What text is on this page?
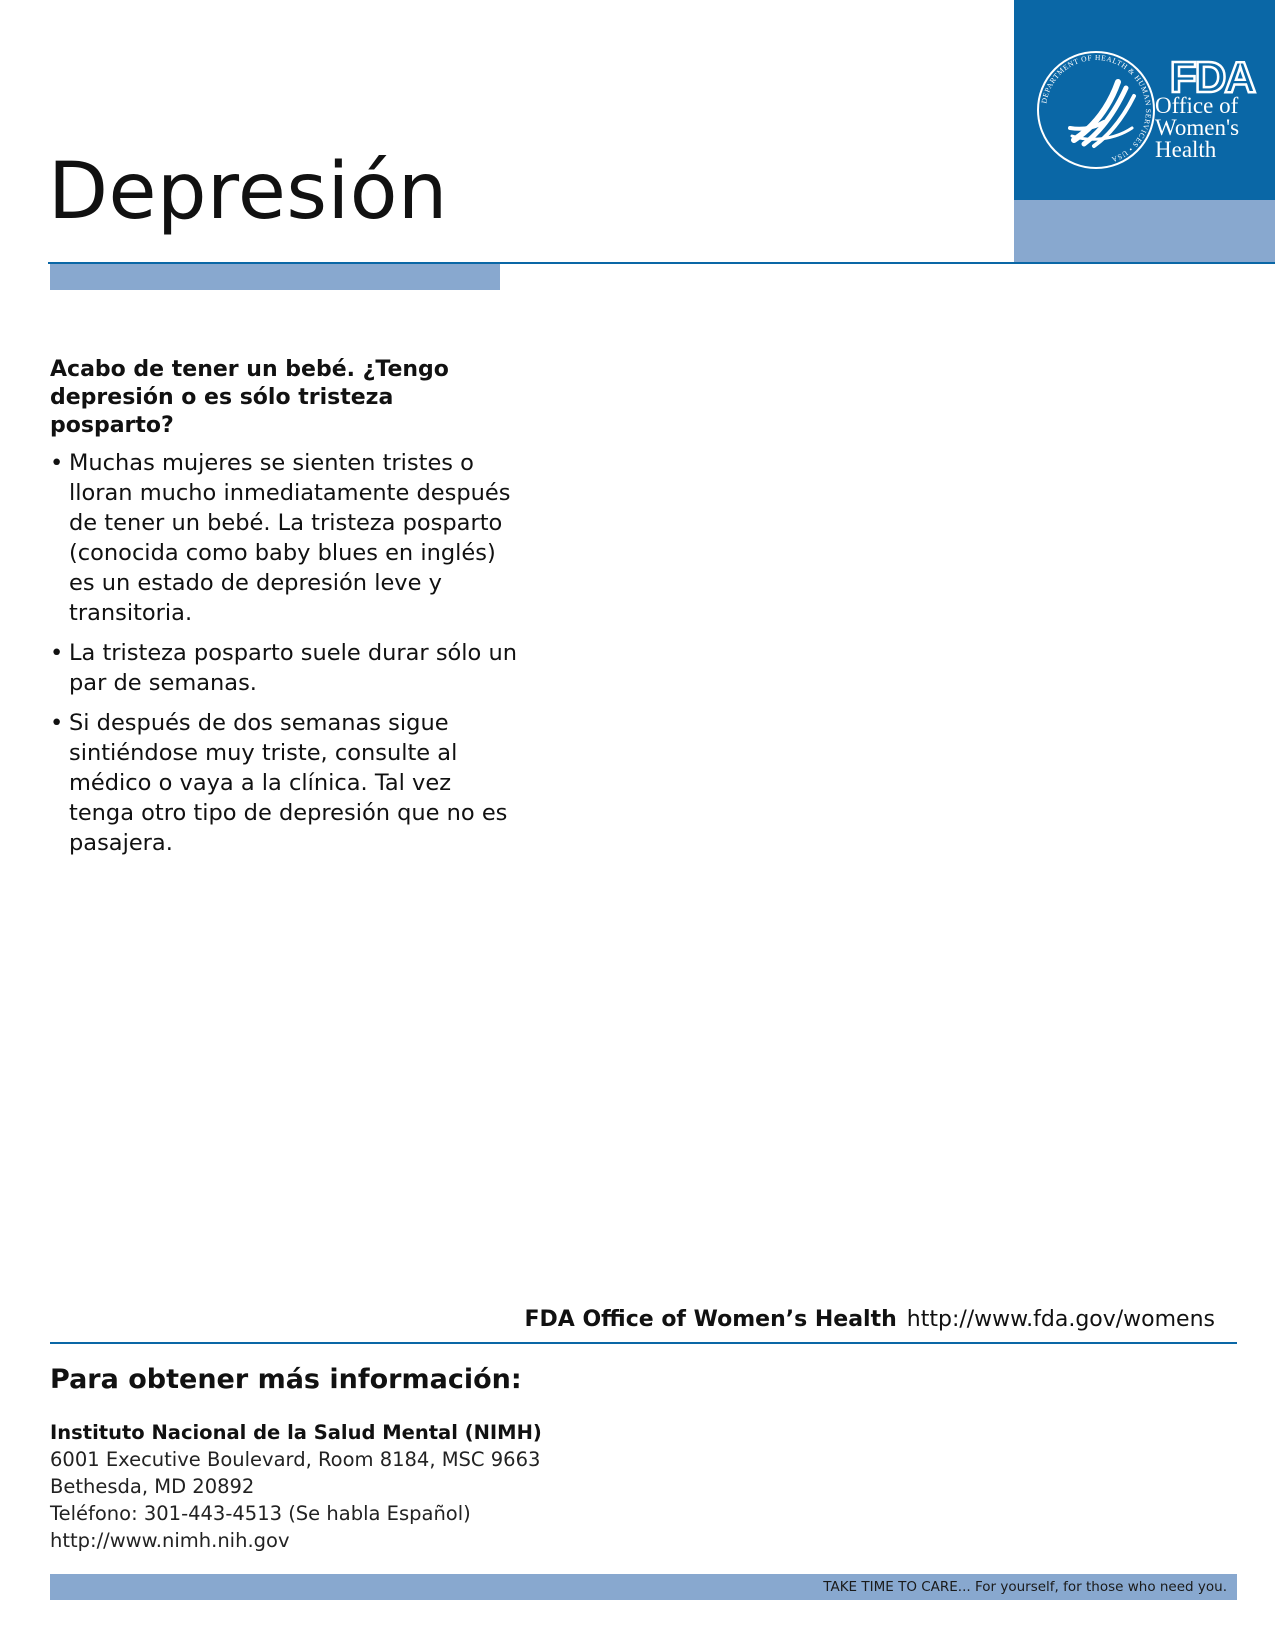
DEPARTMENT OF HEALTH & HUMAN SERVICES • USA
FDA
Office of
Women's
Health
Depresión
Acabo de tener un bebé. ¿Tengo depresión o es sólo tristeza posparto?
• Muchas mujeres se sienten tristes o lloran mucho inmediatamente después de tener un bebé. La tristeza posparto (conocida como baby blues en inglés) es un estado de depresión leve y transitoria.
• La tristeza posparto suele durar sólo un par de semanas.
• Si después de dos semanas sigue sintiéndose muy triste, consulte al médico o vaya a la clínica. Tal vez tenga otro tipo de depresión que no es pasajera.
FDA Office of Women’s Health http://www.fda.gov/womens
Para obtener más información:
Instituto Nacional de la Salud Mental (NIMH)
6001 Executive Boulevard, Room 8184, MSC 9663
Bethesda, MD 20892
Teléfono: 301-443-4513 (Se habla Español)
http://www.nimh.nih.gov
TAKE TIME TO CARE... For yourself, for those who need you.
